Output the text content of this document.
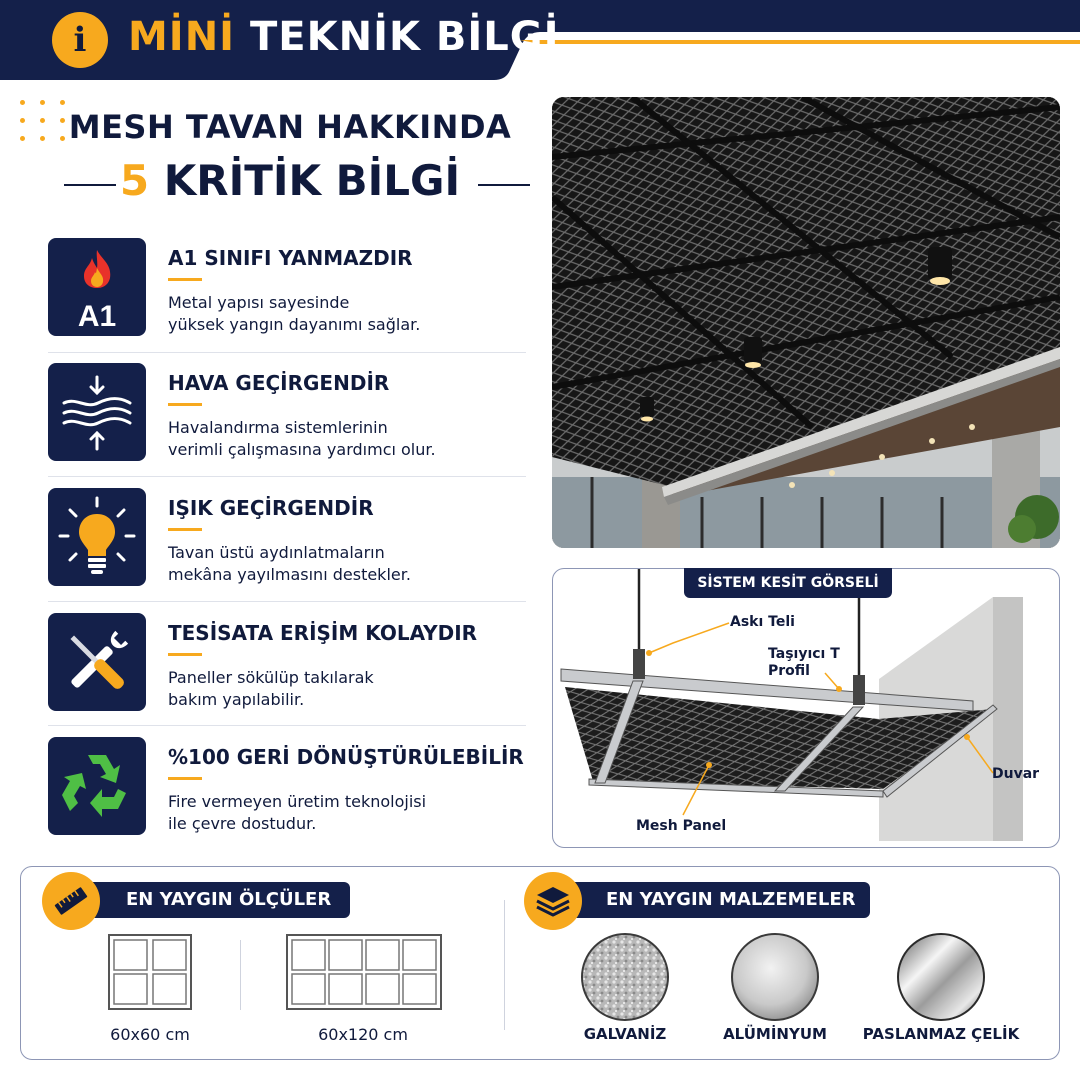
i	MİNİ TEKNİK BİLGİ
MESH TAVAN HAKKINDA
5 KRİTİK BİLGİ
A1
A1 SINIFI YANMAZDIR
Metal yapısı sayesinde
yüksek yangın dayanımı sağlar.
HAVA GEÇİRGENDİR
Havalandırma sistemlerinin
verimli çalışmasına yardımcı olur.
IŞIK GEÇİRGENDİR
Tavan üstü aydınlatmaların
mekâna yayılmasını destekler.
TESİSATA ERİŞİM KOLAYDIR
Paneller sökülüp takılarak
bakım yapılabilir.
%100 GERİ DÖNÜŞTÜRÜLEBİLİR
Fire vermeyen üretim teknolojisi
ile çevre dostudur.
SİSTEM KESİT GÖRSELİ
Askı Teli
Taşıyıcı T
Profil
Duvar
Mesh Panel
EN YAYGIN ÖLÇÜLER
60x60 cm	60x120 cm
EN YAYGIN MALZEMELER
GALVANİZ	ALÜMİNYUM	PASLANMAZ ÇELİK
